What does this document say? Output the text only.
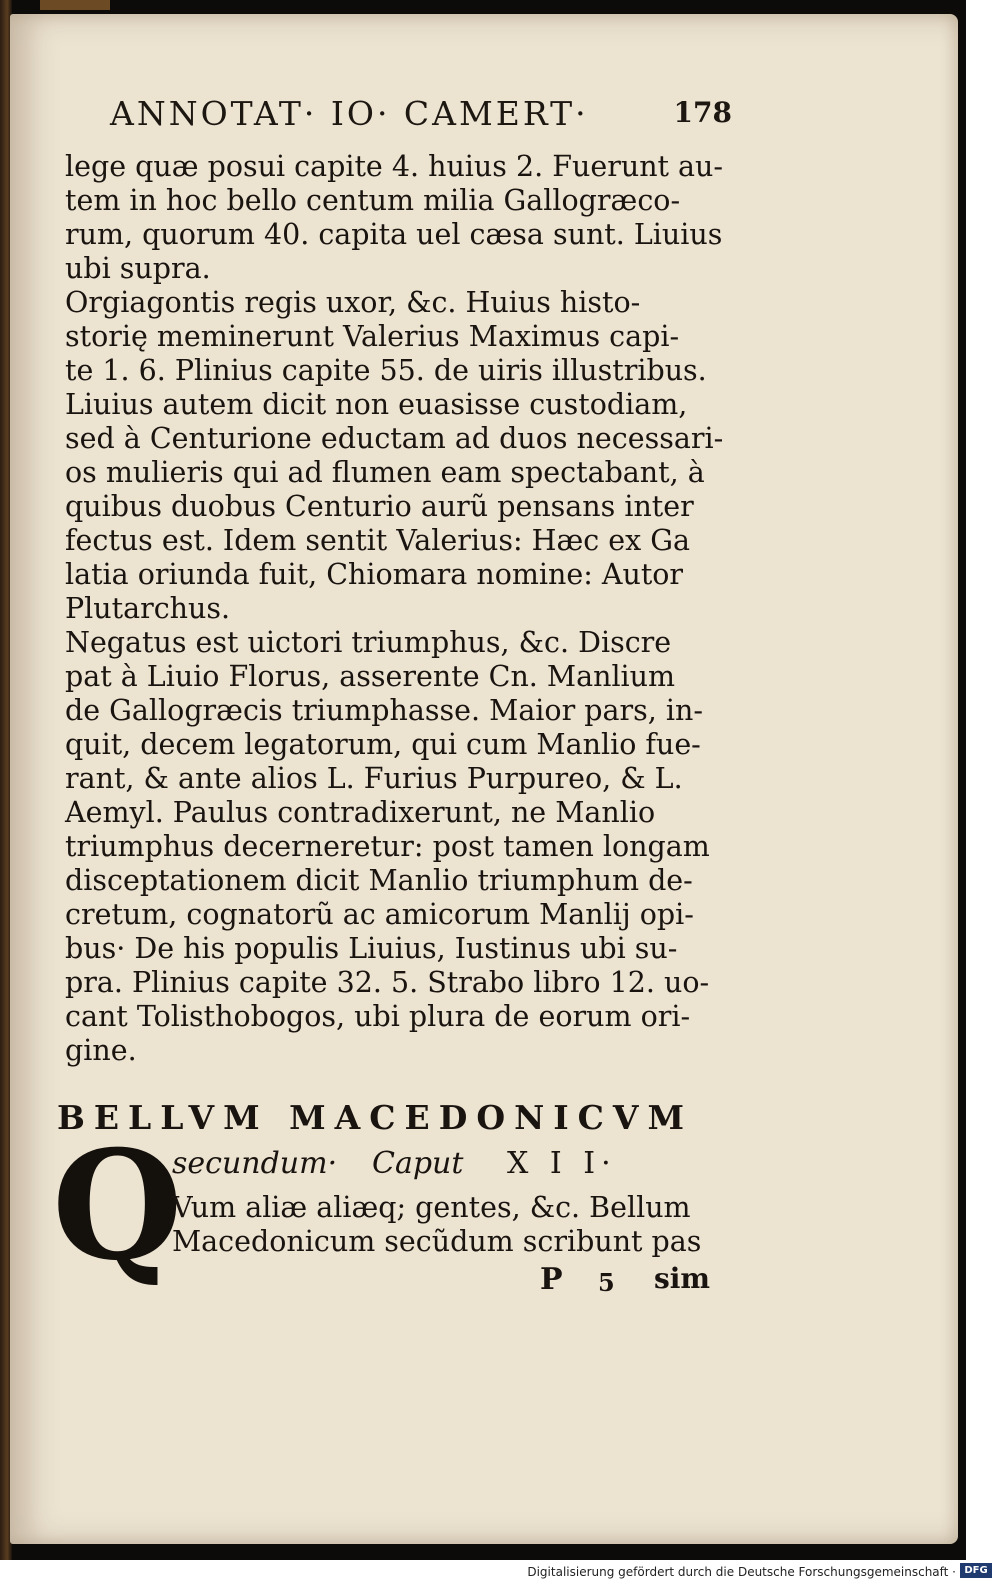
ANNOTAT· IO· CAMERT·	178
lege quæ posui capite 4. huius 2. Fuerunt au-
tem in hoc bello centum milia Gallogræco-
rum, quorum 40. capita uel cæsa sunt. Liuius
ubi supra.
Orgiagontis regis uxor, &c. Huius histo-
storię meminerunt Valerius Maximus capi-
te 1. 6. Plinius capite 55. de uiris illustribus.
Liuius autem dicit non euasisse custodiam,
sed à Centurione eductam ad duos necessari-
os mulieris qui ad flumen eam spectabant, à
quibus duobus Centurio aurũ pensans inter
fectus est. Idem sentit Valerius: Hæc ex Ga
latia oriunda fuit, Chiomara nomine: Autor
Plutarchus.
Negatus est uictori triumphus, &c. Discre
pat à Liuio Florus, asserente Cn. Manlium
de Gallogræcis triumphasse. Maior pars, in-
quit, decem legatorum, qui cum Manlio fue-
rant, & ante alios L. Furius Purpureo, & L.
Aemyl. Paulus contradixerunt, ne Manlio
triumphus decerneretur: post tamen longam
disceptationem dicit Manlio triumphum de-
cretum, cognatorũ ac amicorum Manlij opi-
bus· De his populis Liuius, Iustinus ubi su-
pra. Plinius capite 32. 5. Strabo libro 12. uo-
cant Tolisthobogos, ubi plura de eorum ori-
gine.
BELLVM MACEDONICVM
secundum· Caput X I I·
Q
Vum aliæ aliæq; gentes, &c. Bellum
Macedonicum secũdum scribunt pas
P 5 sim
Digitalisierung gefördert durch die Deutsche Forschungsgemeinschaft · DFG
